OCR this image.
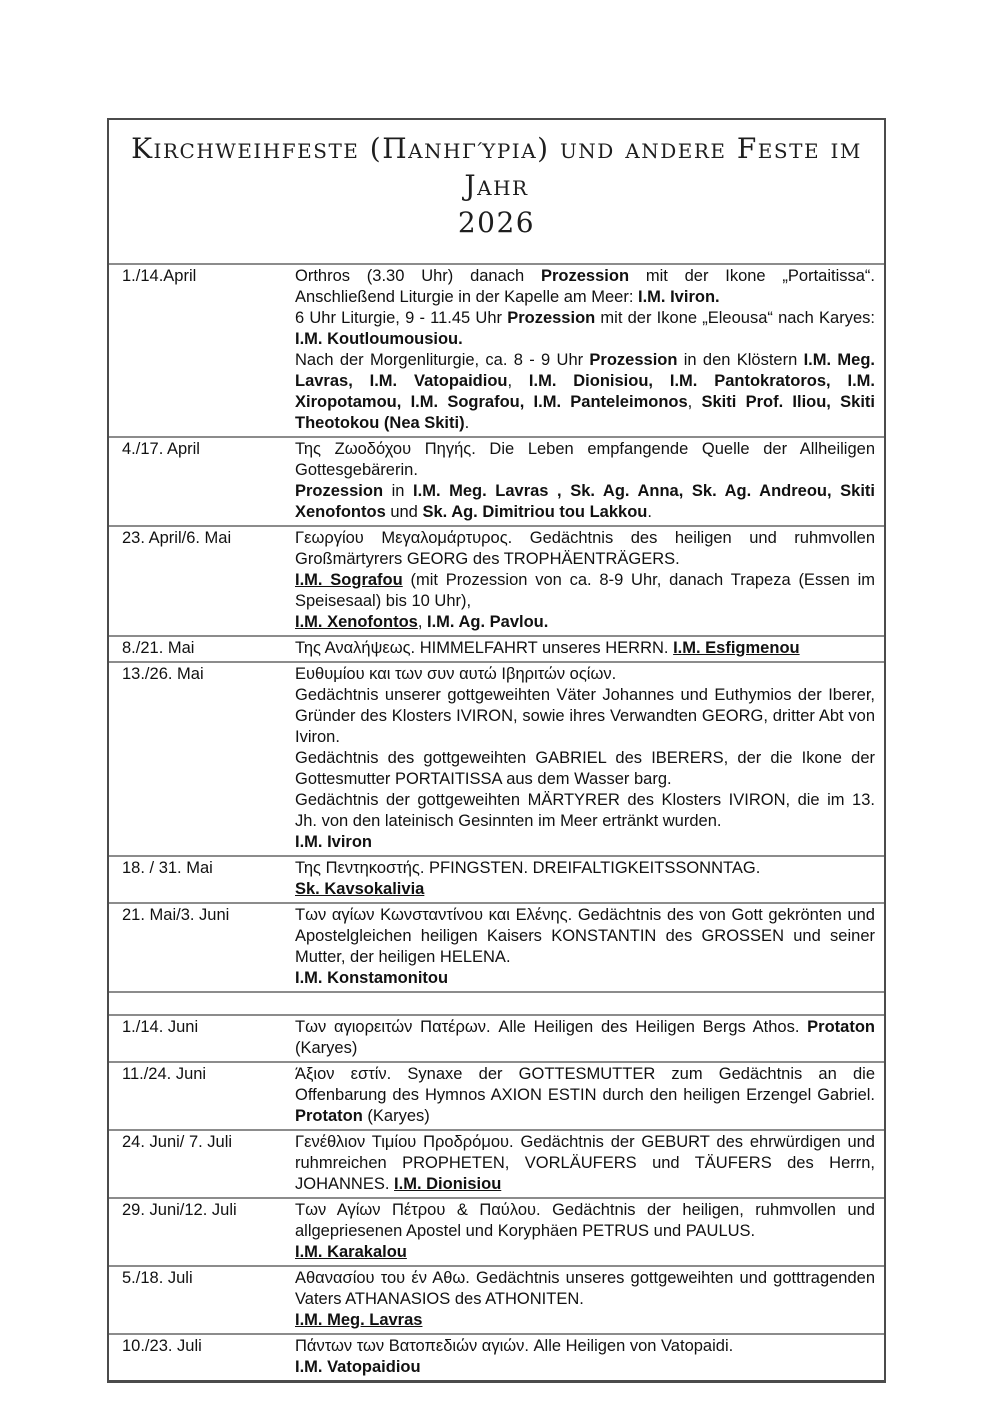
Kirchweihfeste (Πανηγύρια) und andere Feste im Jahr
2026
1./14.April	Orthros (3.30 Uhr) danach Prozession mit der Ikone „Portaitissa“. Anschließend Liturgie in der Kapelle am Meer: I.M. Iviron.

6 Uhr Liturgie, 9 - 11.45 Uhr Prozession mit der Ikone „Eleousa“ nach Karyes: I.M. Koutloumousiou.

Nach der Morgenliturgie, ca. 8 - 9 Uhr Prozession in den Klöstern I.M. Meg. Lavras, I.M. Vatopaidiou, I.M. Dionisiou, I.M. Pantokratoros, I.M. Xiropotamou, I.M. Sografou, I.M. Panteleimonos, Skiti Prof. Iliou, Skiti Theotokou (Nea Skiti).

4./17. April	Της Ζωοδόχου Πηγής. Die Leben empfangende Quelle der Allheiligen Gottesgebärerin.

Prozession in I.M. Meg. Lavras , Sk. Ag. Anna, Sk. Ag. Andreou, Skiti Xenofontos und Sk. Ag. Dimitriou tou Lakkou.

23. April/6. Mai	Γεωργίου Μεγαλομάρτυρος. Gedächtnis des heiligen und ruhmvollen Großmärtyrers GEORG des TROPHÄENTRÄGERS.

I.M. Sografou (mit Prozession von ca. 8-9 Uhr, danach Trapeza (Essen im Speisesaal) bis 10 Uhr),

I.M. Xenofontos, I.M. Ag. Pavlou.

8./21. Mai	Της Αναλήψεως. HIMMELFAHRT unseres HERRN. I.M. Esfigmenou

13./26. Mai	Ευθυμίου και των συν αυτώ Ιβηριτών οςίων.

Gedächtnis unserer gottgeweihten Väter Johannes und Euthymios der Iberer, Gründer des Klosters IVIRON, sowie ihres Verwandten GEORG, dritter Abt von Iviron.

Gedächtnis des gottgeweihten GABRIEL des IBERERS, der die Ikone der Gottesmutter PORTAITISSA aus dem Wasser barg.

Gedächtnis der gottgeweihten MÄRTYRER des Klosters IVIRON, die im 13. Jh. von den lateinisch Gesinnten im Meer ertränkt wurden.

I.M. Iviron

18. / 31. Mai	Της Πεντηκοστής. PFINGSTEN. DREIFALTIGKEITSSONNTAG.

Sk. Kavsokalivia

21. Mai/3. Juni	Των αγίων Κωνσταντίνου και Ελένης. Gedächtnis des von Gott gekrönten und Apostelgleichen heiligen Kaisers KONSTANTIN des GROSSEN und seiner Mutter, der heiligen HELENA.

I.M. Konstamonitou

1./14. Juni	Των αγιορειτών Πατέρων. Alle Heiligen des Heiligen Bergs Athos. Protaton (Karyes)

11./24. Juni	Άξιον εστίν. Synaxe der GOTTESMUTTER zum Gedächtnis an die Offenbarung des Hymnos AXION ESTIN durch den heiligen Erzengel Gabriel. Protaton (Karyes)

24. Juni/ 7. Juli	Γενέθλιον Τιμίου Προδρόμου. Gedächtnis der GEBURT des ehrwürdigen und ruhmreichen PROPHETEN, VORLÄUFERS und TÄUFERS des Herrn, JOHANNES. I.M. Dionisiou

29. Juni/12. Juli	Των Αγίων Πέτρου & Παύλου. Gedächtnis der heiligen, ruhmvollen und allgepriesenen Apostel und Koryphäen PETRUS und PAULUS.

I.M. Karakalou

5./18. Juli	Αθανασίου του έν Αθω. Gedächtnis unseres gottgeweihten und gotttragenden Vaters ATHANASIOS des ATHONITEN.

I.M. Meg. Lavras

10./23. Juli	Πάντων των Βατοπεδιών αγιών. Alle Heiligen von Vatopaidi.

I.M. Vatopaidiou
